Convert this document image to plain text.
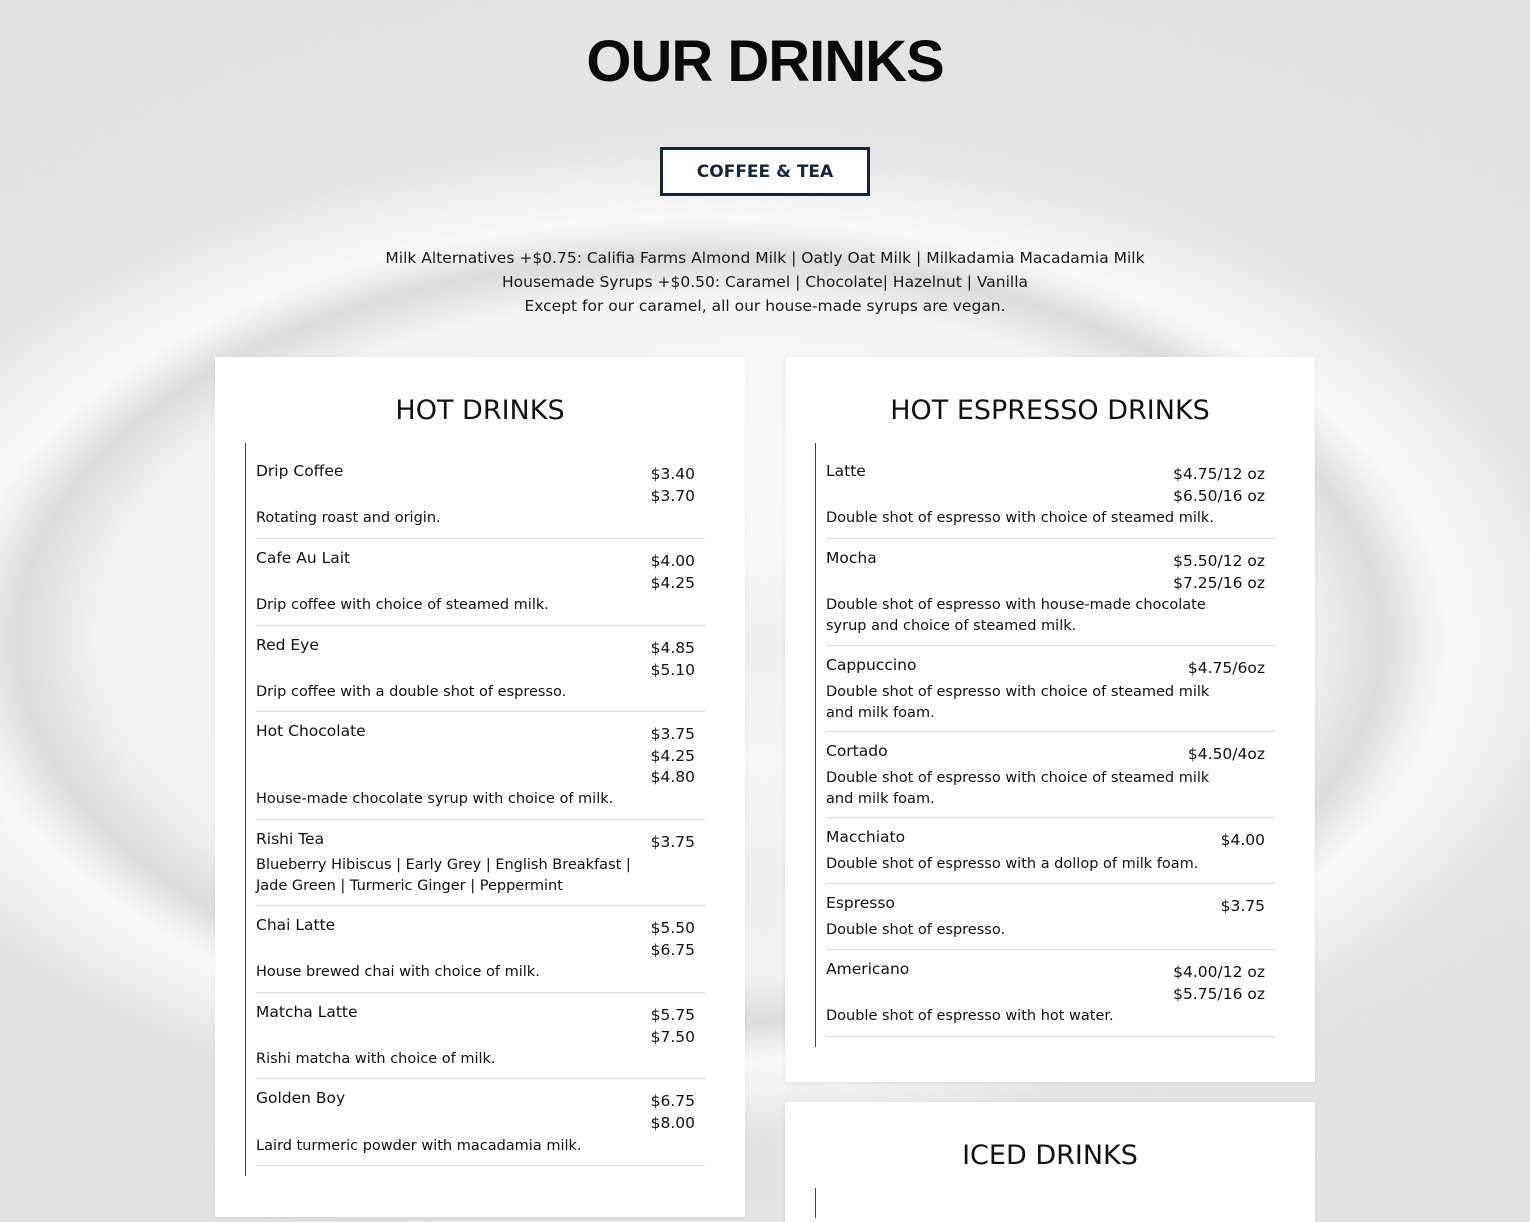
OUR DRINKS
COFFEE & TEA
Milk Alternatives +$0.75: Califia Farms Almond Milk | Oatly Oat Milk | Milkadamia Macadamia Milk
Housemade Syrups +$0.50: Caramel | Chocolate| Hazelnut | Vanilla
Except for our caramel, all our house-made syrups are vegan.
HOT DRINKS
Drip Coffee	$3.40
$3.70
Rotating roast and origin.
Cafe Au Lait	$4.00
$4.25
Drip coffee with choice of steamed milk.
Red Eye	$4.85
$5.10
Drip coffee with a double shot of espresso.
Hot Chocolate	$3.75
$4.25
$4.80
House-made chocolate syrup with choice of milk.
Rishi Tea	$3.75
Blueberry Hibiscus | Early Grey | English Breakfast | Jade Green | Turmeric Ginger | Peppermint
Chai Latte	$5.50
$6.75
House brewed chai with choice of milk.
Matcha Latte	$5.75
$7.50
Rishi matcha with choice of milk.
Golden Boy	$6.75
$8.00
Laird turmeric powder with macadamia milk.
HOT ESPRESSO DRINKS
Latte	$4.75/12 oz
$6.50/16 oz
Double shot of espresso with choice of steamed milk.
Mocha	$5.50/12 oz
$7.25/16 oz
Double shot of espresso with house-made chocolate syrup and choice of steamed milk.
Cappuccino	$4.75/6oz
Double shot of espresso with choice of steamed milk and milk foam.
Cortado	$4.50/4oz
Double shot of espresso with choice of steamed milk and milk foam.
Macchiato	$4.00
Double shot of espresso with a dollop of milk foam.
Espresso	$3.75
Double shot of espresso.
Americano	$4.00/12 oz
$5.75/16 oz
Double shot of espresso with hot water.
ICED DRINKS
